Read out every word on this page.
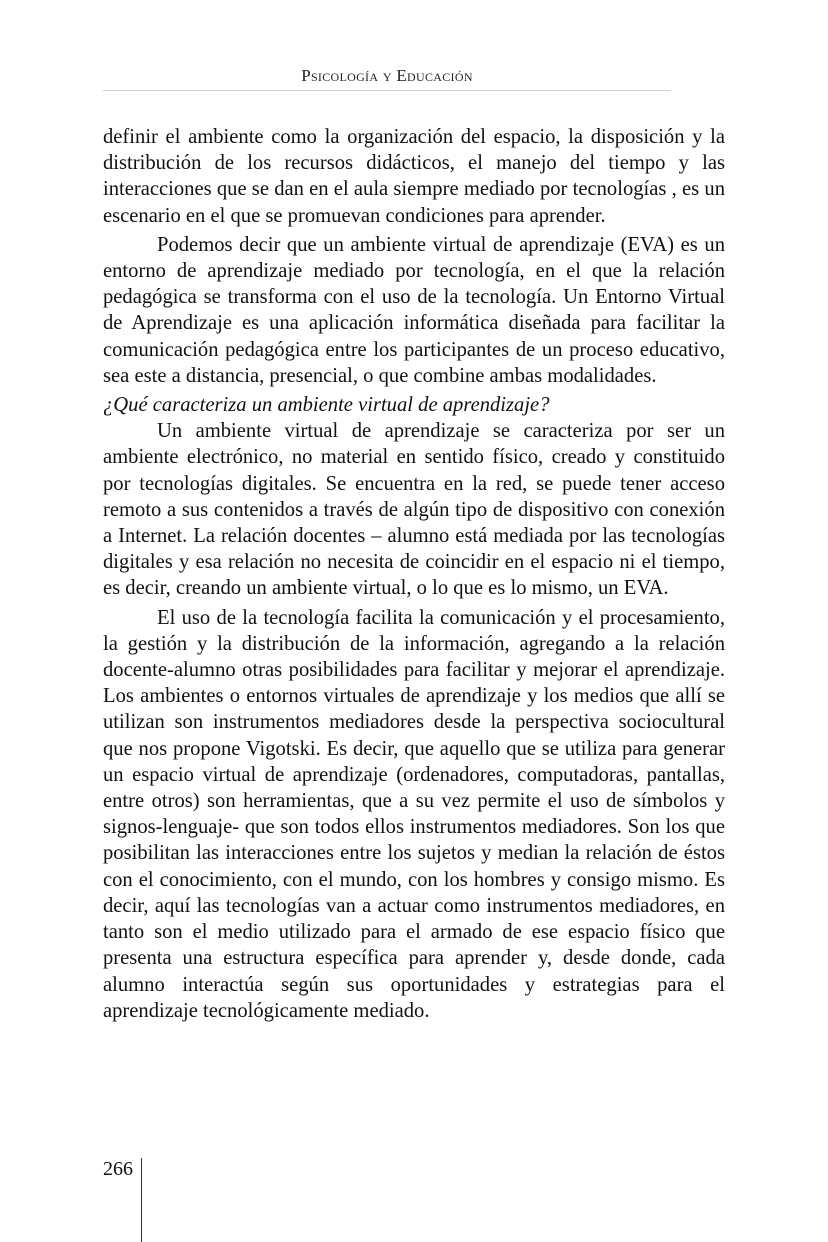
Psicología y Educación

definir el ambiente como la organización del espacio, la disposición y la distribución de los recursos didácticos, el manejo del tiempo y las interacciones que se dan en el aula siempre mediado por tecnologías , es un escenario en el que se promuevan condiciones para aprender.

Podemos decir que un ambiente virtual de aprendizaje (EVA) es un entorno de aprendizaje mediado por tecnología, en el que la relación pedagógica se transforma con el uso de la tecnología. Un Entorno Virtual de Aprendizaje es una aplicación informática diseñada para facilitar la comunicación pedagógica entre los participantes de un proceso educativo, sea este a distancia, presencial, o que combine ambas modalidades.

¿Qué caracteriza un ambiente virtual de aprendizaje?

Un ambiente virtual de aprendizaje se caracteriza por ser un ambiente electrónico, no material en sentido físico, creado y constituido por tecnologías digitales. Se encuentra en la red, se puede tener acceso remoto a sus contenidos a través de algún tipo de dispositivo con conexión a Internet. La relación docentes – alumno está mediada por las tecnologías digitales y esa relación no necesita de coincidir en el espacio ni el tiempo, es decir, creando un ambiente virtual, o lo que es lo mismo, un EVA.

El uso de la tecnología facilita la comunicación y el procesamiento, la gestión y la distribución de la información, agregando a la relación docente-alumno otras posibilidades para facilitar y mejorar el aprendizaje. Los ambientes o entornos virtuales de aprendizaje y los medios que allí se utilizan son instrumentos mediadores desde la perspectiva sociocultural que nos propone Vigotski. Es decir, que aquello que se utiliza para generar un espacio virtual de aprendizaje (ordenadores, computadoras, pantallas, entre otros) son herramientas, que a su vez permite el uso de símbolos y signos-lenguaje- que son todos ellos instrumentos mediadores. Son los que posibilitan las interacciones entre los sujetos y median la relación de éstos con el conocimiento, con el mundo, con los hombres y consigo mismo. Es decir, aquí las tecnologías van a actuar como instrumentos mediadores, en tanto son el medio utilizado para el armado de ese espacio físico que presenta una estructura específica para aprender y, desde donde, cada alumno interactúa según sus oportunidades y estrategias para el aprendizaje tecnológicamente mediado.

266
